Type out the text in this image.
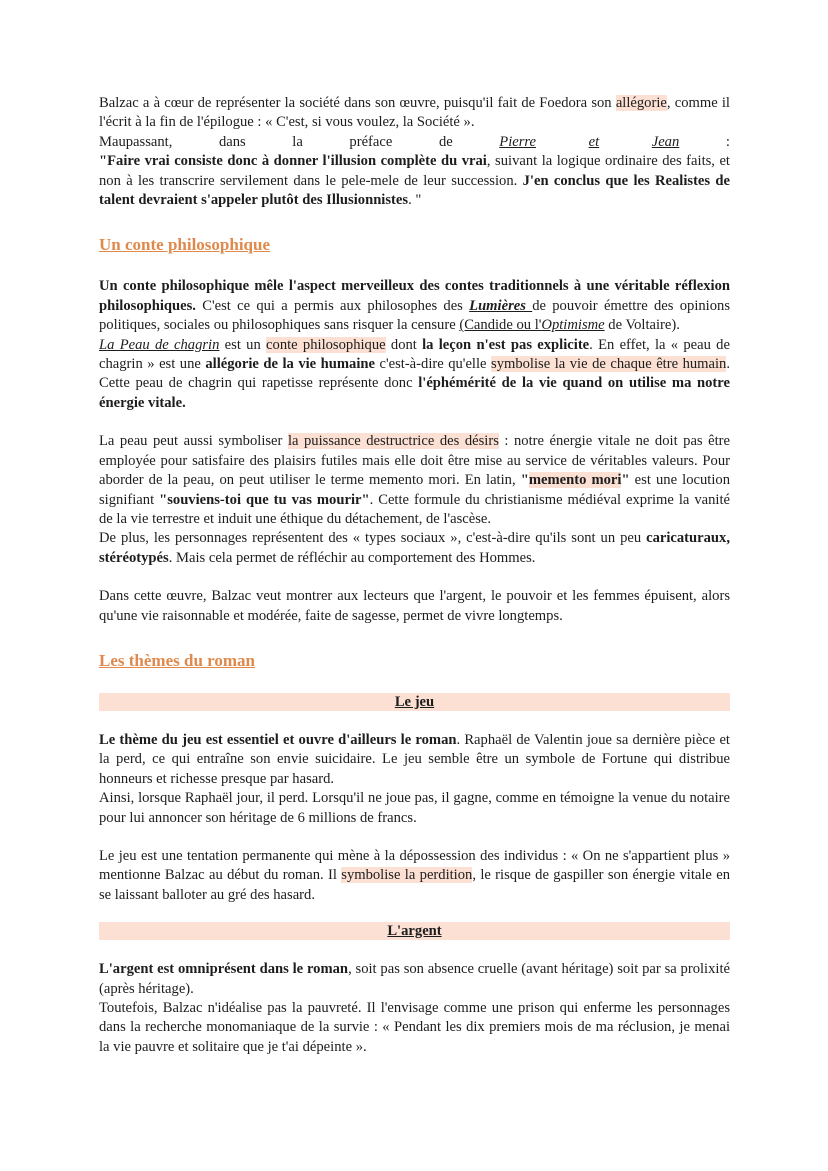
Balzac a à cœur de représenter la société dans son œuvre, puisqu'il fait de Foedora son allégorie, comme il l'écrit à la fin de l'épilogue : « C'est, si vous voulez, la Société ».

Maupassant,	dans	la	préface	de	Pierre	et	Jean	:

"Faire vrai consiste donc à donner l'illusion complète du vrai, suivant la logique ordinaire des faits, et non à les transcrire servilement dans le pele-mele de leur succession. J'en conclus que les Realistes de talent devraient s'appeler plutôt des Illusionnistes. "

Un conte philosophique

Un conte philosophique mêle l'aspect merveilleux des contes traditionnels à une véritable réflexion philosophiques. C'est ce qui a permis aux philosophes des Lumières de pouvoir émettre des opinions politiques, sociales ou philosophiques sans risquer la censure (Candide ou l'Optimisme de Voltaire).

La Peau de chagrin est un conte philosophique dont la leçon n'est pas explicite. En effet, la « peau de chagrin » est une allégorie de la vie humaine c'est-à-dire qu'elle symbolise la vie de chaque être humain. Cette peau de chagrin qui rapetisse représente donc l'éphémérité de la vie quand on utilise ma notre énergie vitale.

La peau peut aussi symboliser la puissance destructrice des désirs : notre énergie vitale ne doit pas être employée pour satisfaire des plaisirs futiles mais elle doit être mise au service de véritables valeurs. Pour aborder de la peau, on peut utiliser le terme memento mori. En latin, "memento mori" est une locution signifiant "souviens-toi que tu vas mourir". Cette formule du christianisme médiéval exprime la vanité de la vie terrestre et induit une éthique du détachement, de l'ascèse.

De plus, les personnages représentent des « types sociaux », c'est-à-dire qu'ils sont un peu caricaturaux, stéréotypés. Mais cela permet de réfléchir au comportement des Hommes.

Dans cette œuvre, Balzac veut montrer aux lecteurs que l'argent, le pouvoir et les femmes épuisent, alors qu'une vie raisonnable et modérée, faite de sagesse, permet de vivre longtemps.

Les thèmes du roman
Le jeu

Le thème du jeu est essentiel et ouvre d'ailleurs le roman. Raphaël de Valentin joue sa dernière pièce et la perd, ce qui entraîne son envie suicidaire. Le jeu semble être un symbole de Fortune qui distribue honneurs et richesse presque par hasard.

Ainsi, lorsque Raphaël jour, il perd. Lorsqu'il ne joue pas, il gagne, comme en témoigne la venue du notaire pour lui annoncer son héritage de 6 millions de francs.

Le jeu est une tentation permanente qui mène à la dépossession des individus : « On ne s'appartient plus » mentionne Balzac au début du roman. Il symbolise la perdition, le risque de gaspiller son énergie vitale en se laissant balloter au gré des hasard.

L'argent

L'argent est omniprésent dans le roman, soit pas son absence cruelle (avant héritage) soit par sa prolixité (après héritage).

Toutefois, Balzac n'idéalise pas la pauvreté. Il l'envisage comme une prison qui enferme les personnages dans la recherche monomaniaque de la survie : « Pendant les dix premiers mois de ma réclusion, je menai la vie pauvre et solitaire que je t'ai dépeinte ».
